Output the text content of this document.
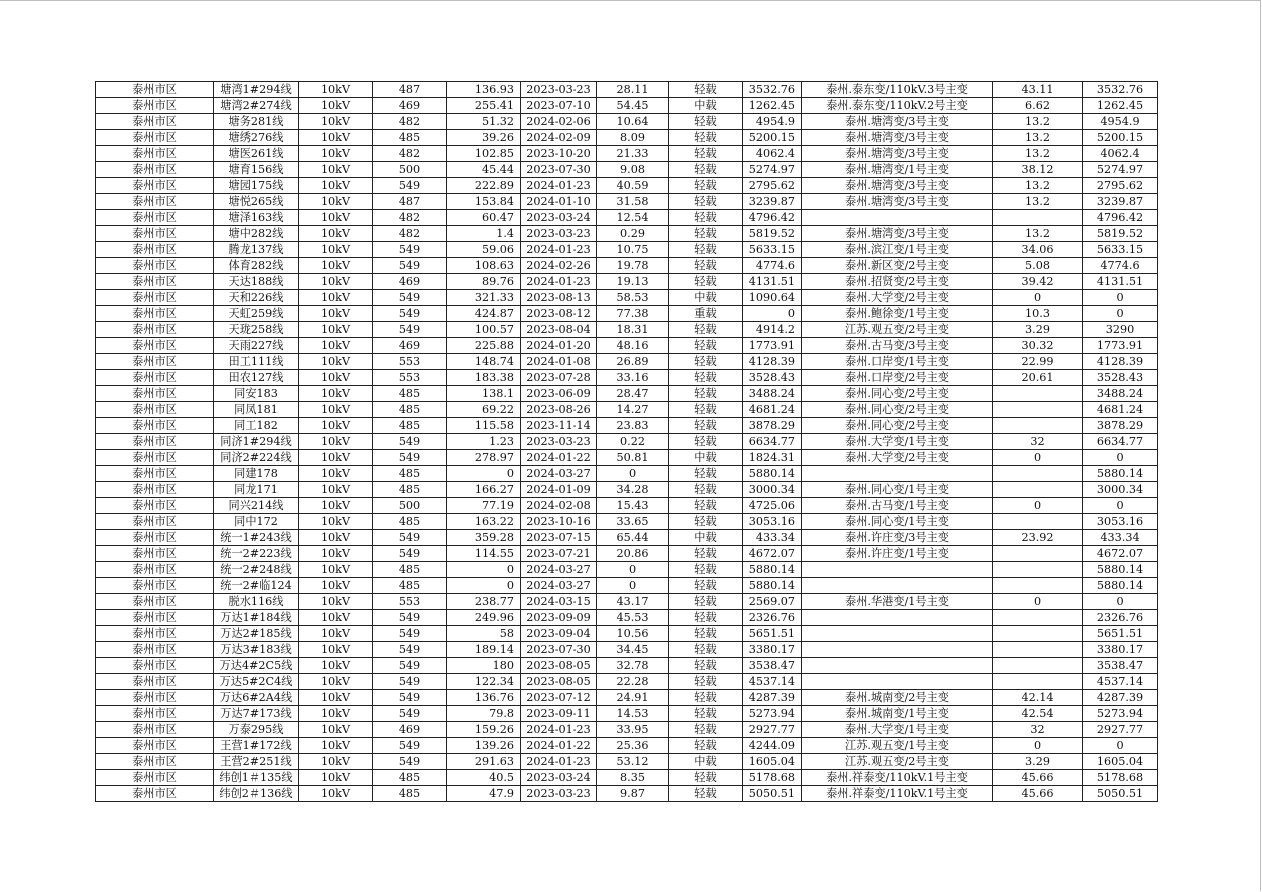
泰州市区	塘湾1#294线	10kV	487	136.93	2023-03-23	28.11	轻载	3532.76	泰州.泰东变/110kV.3号主变	43.11	3532.76
泰州市区	塘湾2#274线	10kV	469	255.41	2023-07-10	54.45	中载	1262.45	泰州.泰东变/110kV.2号主变	6.62	1262.45
泰州市区	塘务281线	10kV	482	51.32	2024-02-06	10.64	轻载	4954.9	泰州.塘湾变/3号主变	13.2	4954.9
泰州市区	塘绣276线	10kV	485	39.26	2024-02-09	8.09	轻载	5200.15	泰州.塘湾变/3号主变	13.2	5200.15
泰州市区	塘医261线	10kV	482	102.85	2023-10-20	21.33	轻载	4062.4	泰州.塘湾变/3号主变	13.2	4062.4
泰州市区	塘育156线	10kV	500	45.44	2023-07-30	9.08	轻载	5274.97	泰州.塘湾变/1号主变	38.12	5274.97
泰州市区	塘园175线	10kV	549	222.89	2024-01-23	40.59	轻载	2795.62	泰州.塘湾变/3号主变	13.2	2795.62
泰州市区	塘悦265线	10kV	487	153.84	2024-01-10	31.58	轻载	3239.87	泰州.塘湾变/3号主变	13.2	3239.87
泰州市区	塘泽163线	10kV	482	60.47	2023-03-24	12.54	轻载	4796.42			4796.42
泰州市区	塘中282线	10kV	482	1.4	2023-03-23	0.29	轻载	5819.52	泰州.塘湾变/3号主变	13.2	5819.52
泰州市区	腾龙137线	10kV	549	59.06	2024-01-23	10.75	轻载	5633.15	泰州.滨江变/1号主变	34.06	5633.15
泰州市区	体育282线	10kV	549	108.63	2024-02-26	19.78	轻载	4774.6	泰州.新区变/2号主变	5.08	4774.6
泰州市区	天达188线	10kV	469	89.76	2024-01-23	19.13	轻载	4131.51	泰州.招贤变/2号主变	39.42	4131.51
泰州市区	天和226线	10kV	549	321.33	2023-08-13	58.53	中载	1090.64	泰州.大学变/2号主变	0	0
泰州市区	天虹259线	10kV	549	424.87	2023-08-12	77.38	重载	0	泰州.鲍徐变/1号主变	10.3	0
泰州市区	天珑258线	10kV	549	100.57	2023-08-04	18.31	轻载	4914.2	江苏.观五变/2号主变	3.29	3290
泰州市区	天雨227线	10kV	469	225.88	2024-01-20	48.16	轻载	1773.91	泰州.古马变/3号主变	30.32	1773.91
泰州市区	田工111线	10kV	553	148.74	2024-01-08	26.89	轻载	4128.39	泰州.口岸变/1号主变	22.99	4128.39
泰州市区	田农127线	10kV	553	183.38	2023-07-28	33.16	轻载	3528.43	泰州.口岸变/2号主变	20.61	3528.43
泰州市区	同安183	10kV	485	138.1	2023-06-09	28.47	轻载	3488.24	泰州.同心变/2号主变		3488.24
泰州市区	同凤181	10kV	485	69.22	2023-08-26	14.27	轻载	4681.24	泰州.同心变/2号主变		4681.24
泰州市区	同工182	10kV	485	115.58	2023-11-14	23.83	轻载	3878.29	泰州.同心变/2号主变		3878.29
泰州市区	同济1#294线	10kV	549	1.23	2023-03-23	0.22	轻载	6634.77	泰州.大学变/1号主变	32	6634.77
泰州市区	同济2#224线	10kV	549	278.97	2024-01-22	50.81	中载	1824.31	泰州.大学变/2号主变	0	0
泰州市区	同建178	10kV	485	0	2024-03-27	0	轻载	5880.14			5880.14
泰州市区	同龙171	10kV	485	166.27	2024-01-09	34.28	轻载	3000.34	泰州.同心变/1号主变		3000.34
泰州市区	同兴214线	10kV	500	77.19	2024-02-08	15.43	轻载	4725.06	泰州.古马变/1号主变	0	0
泰州市区	同中172	10kV	485	163.22	2023-10-16	33.65	轻载	3053.16	泰州.同心变/1号主变		3053.16
泰州市区	统一1#243线	10kV	549	359.28	2023-07-15	65.44	中载	433.34	泰州.许庄变/3号主变	23.92	433.34
泰州市区	统一2#223线	10kV	549	114.55	2023-07-21	20.86	轻载	4672.07	泰州.许庄变/1号主变		4672.07
泰州市区	统一2#248线	10kV	485	0	2024-03-27	0	轻载	5880.14			5880.14
泰州市区	统一2#临124	10kV	485	0	2024-03-27	0	轻载	5880.14			5880.14
泰州市区	脱水116线	10kV	553	238.77	2024-03-15	43.17	轻载	2569.07	泰州.华港变/1号主变	0	0
泰州市区	万达1#184线	10kV	549	249.96	2023-09-09	45.53	轻载	2326.76			2326.76
泰州市区	万达2#185线	10kV	549	58	2023-09-04	10.56	轻载	5651.51			5651.51
泰州市区	万达3#183线	10kV	549	189.14	2023-07-30	34.45	轻载	3380.17			3380.17
泰州市区	万达4#2C5线	10kV	549	180	2023-08-05	32.78	轻载	3538.47			3538.47
泰州市区	万达5#2C4线	10kV	549	122.34	2023-08-05	22.28	轻载	4537.14			4537.14
泰州市区	万达6#2A4线	10kV	549	136.76	2023-07-12	24.91	轻载	4287.39	泰州.城南变/2号主变	42.14	4287.39
泰州市区	万达7#173线	10kV	549	79.8	2023-09-11	14.53	轻载	5273.94	泰州.城南变/1号主变	42.54	5273.94
泰州市区	万泰295线	10kV	469	159.26	2024-01-23	33.95	轻载	2927.77	泰州.大学变/1号主变	32	2927.77
泰州市区	王营1#172线	10kV	549	139.26	2024-01-22	25.36	轻载	4244.09	江苏.观五变/1号主变	0	0
泰州市区	王营2#251线	10kV	549	291.63	2024-01-23	53.12	中载	1605.04	江苏.观五变/2号主变	3.29	1605.04
泰州市区	纬创1＃135线	10kV	485	40.5	2023-03-24	8.35	轻载	5178.68	泰州.祥泰变/110kV.1号主变	45.66	5178.68
泰州市区	纬创2＃136线	10kV	485	47.9	2023-03-23	9.87	轻载	5050.51	泰州.祥泰变/110kV.1号主变	45.66	5050.51
